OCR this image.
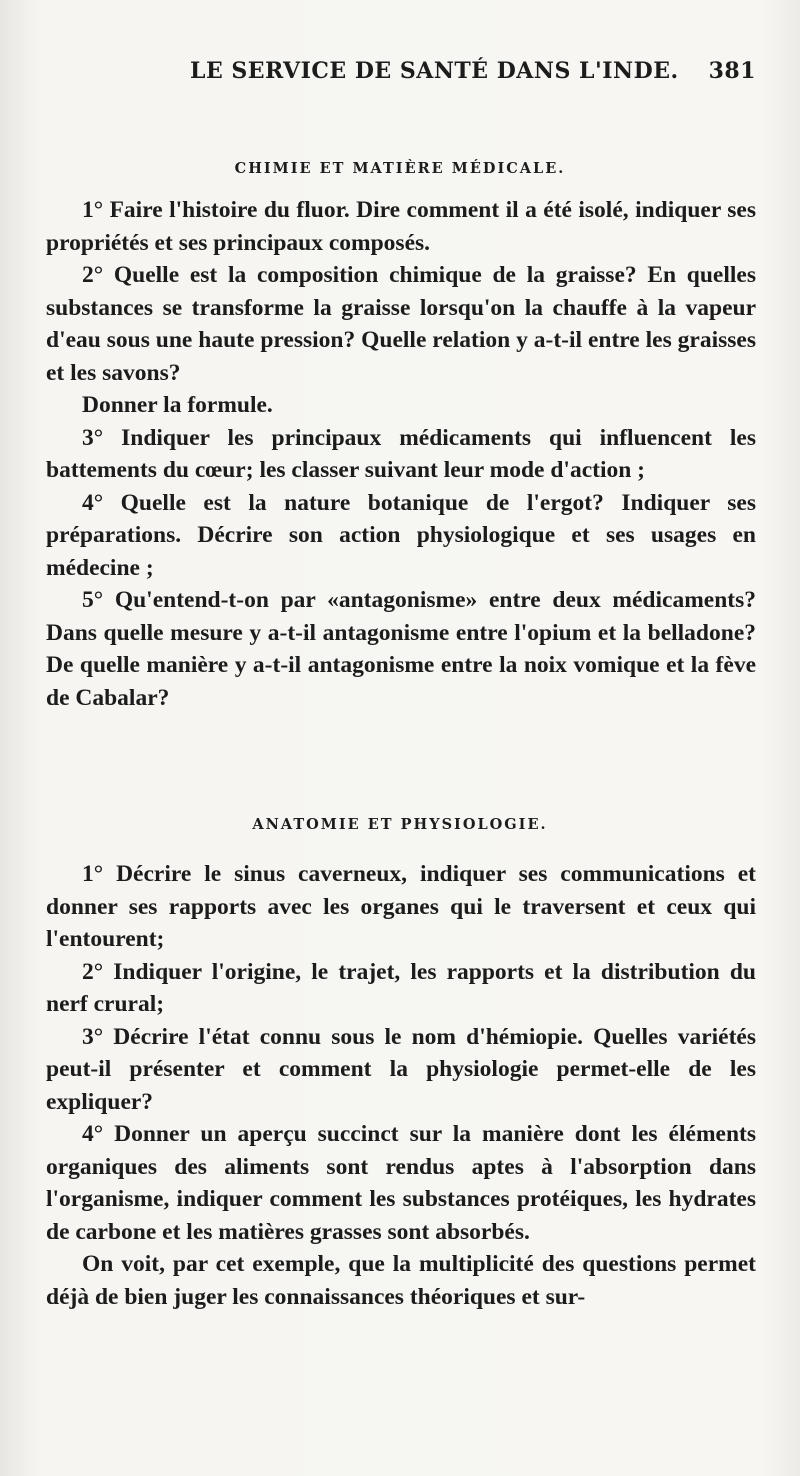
LE SERVICE DE SANTÉ DANS L'INDE. 381
CHIMIE ET MATIÈRE MÉDICALE.

1° Faire l'histoire du fluor. Dire comment il a été isolé, indiquer ses propriétés et ses principaux composés.

2° Quelle est la composition chimique de la graisse? En quelles substances se transforme la graisse lorsqu'on la chauffe à la vapeur d'eau sous une haute pression? Quelle relation y a-t-il entre les graisses et les savons?

Donner la formule.

3° Indiquer les principaux médicaments qui influencent les battements du cœur; les classer suivant leur mode d'action ;

4° Quelle est la nature botanique de l'ergot? Indiquer ses préparations. Décrire son action physiologique et ses usages en médecine ;

5° Qu'entend-t-on par «antagonisme» entre deux médicaments? Dans quelle mesure y a-t-il antagonisme entre l'opium et la belladone? De quelle manière y a-t-il antagonisme entre la noix vomique et la fève de Cabalar?

ANATOMIE ET PHYSIOLOGIE.

1° Décrire le sinus caverneux, indiquer ses communications et donner ses rapports avec les organes qui le traversent et ceux qui l'entourent;

2° Indiquer l'origine, le trajet, les rapports et la distribution du nerf crural;

3° Décrire l'état connu sous le nom d'hémiopie. Quelles variétés peut-il présenter et comment la physiologie permet-elle de les expliquer?

4° Donner un aperçu succinct sur la manière dont les éléments organiques des aliments sont rendus aptes à l'absorption dans l'organisme, indiquer comment les substances protéiques, les hydrates de carbone et les matières grasses sont absorbés.

On voit, par cet exemple, que la multiplicité des questions permet déjà de bien juger les connaissances théoriques et sur-
